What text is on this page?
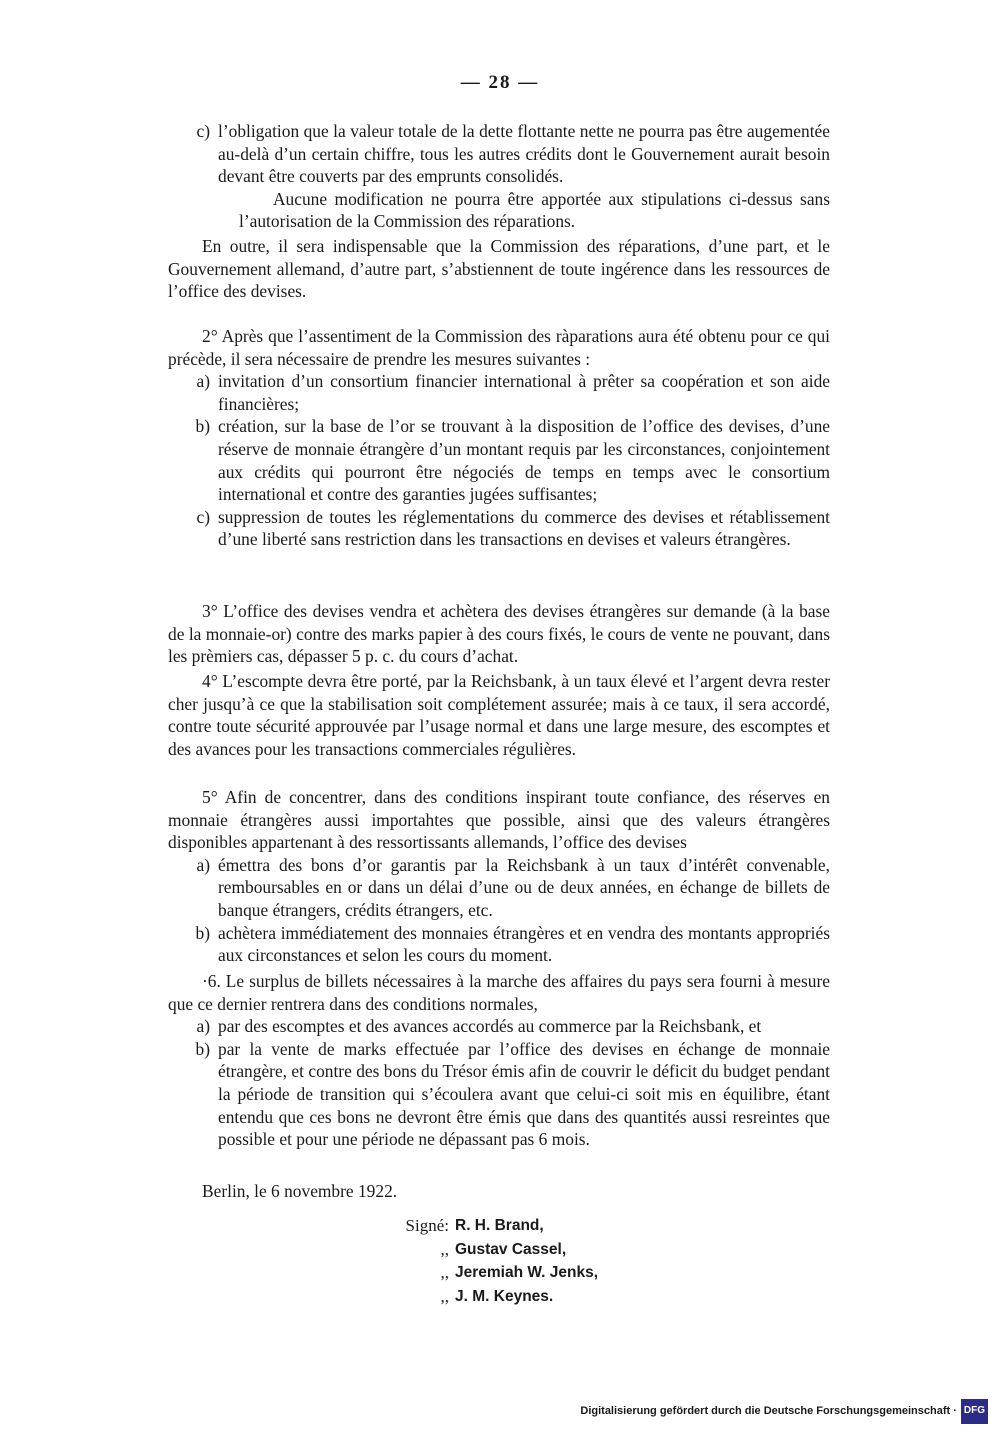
— 28 —
c) l’obligation que la valeur totale de la dette flottante nette ne pourra pas être augementée au-delà d’un certain chiffre, tous les autres crédits dont le Gouvernement aurait besoin devant être couverts par des emprunts consolidés.

Aucune modification ne pourra être apportée aux stipulations ci-dessus sans l’autorisation de la Commission des réparations.

En outre, il sera indispensable que la Commission des réparations, d’une part, et le Gouvernement allemand, d’autre part, s’abstiennent de toute ingérence dans les ressources de l’office des devises.

2° Après que l’assentiment de la Commission des ràparations aura été obtenu pour ce qui précède, il sera nécessaire de prendre les mesures suivantes :

a) invitation d’un consortium financier international à prêter sa coopération et son aide financières;
b) création, sur la base de l’or se trouvant à la disposition de l’office des devises, d’une réserve de monnaie étrangère d’un montant requis par les circonstances, conjointement aux crédits qui pourront être négociés de temps en temps avec le consortium international et contre des garanties jugées suffisantes;
c) suppression de toutes les réglementations du commerce des devises et rétablissement d’une liberté sans restriction dans les transactions en devises et valeurs étrangères.

3° L’office des devises vendra et achètera des devises étrangères sur demande (à la base de la monnaie-or) contre des marks papier à des cours fixés, le cours de vente ne pouvant, dans les prèmiers cas, dépasser 5 p. c. du cours d’achat.

4° L’escompte devra être porté, par la Reichsbank, à un taux élevé et l’argent devra rester cher jusqu’à ce que la stabilisation soit complétement assurée; mais à ce taux, il sera accordé, contre toute sécurité approuvée par l’usage normal et dans une large mesure, des escomptes et des avances pour les transactions commerciales régulières.

5° Afin de concentrer, dans des conditions inspirant toute confiance, des réserves en monnaie étrangères aussi importahtes que possible, ainsi que des valeurs étrangères disponibles appartenant à des ressortissants allemands, l’office des devises

a) émettra des bons d’or garantis par la Reichsbank à un taux d’intérêt convenable, remboursables en or dans un délai d’une ou de deux années, en échange de billets de banque étrangers, crédits étrangers, etc.
b) achètera immédiatement des monnaies étrangères et en vendra des montants appropriés aux circonstances et selon les cours du moment.

·6. Le surplus de billets nécessaires à la marche des affaires du pays sera fourni à mesure que ce dernier rentrera dans des conditions normales,

a) par des escomptes et des avances accordés au commerce par la Reichsbank, et
b) par la vente de marks effectuée par l’office des devises en échange de monnaie étrangère, et contre des bons du Trésor émis afin de couvrir le déficit du budget pendant la période de transition qui s’écoulera avant que celui-ci soit mis en équilibre, étant entendu que ces bons ne devront être émis que dans des quantités aussi resreintes que possible et pour une période ne dépassant pas 6 mois.

Berlin, le 6 novembre 1922.

Signé: R. H. Brand,
,, Gustav Cassel,
,, Jeremiah W. Jenks,
,, J. M. Keynes.
Digitalisierung gefördert durch die Deutsche Forschungsgemeinschaft · DFG
